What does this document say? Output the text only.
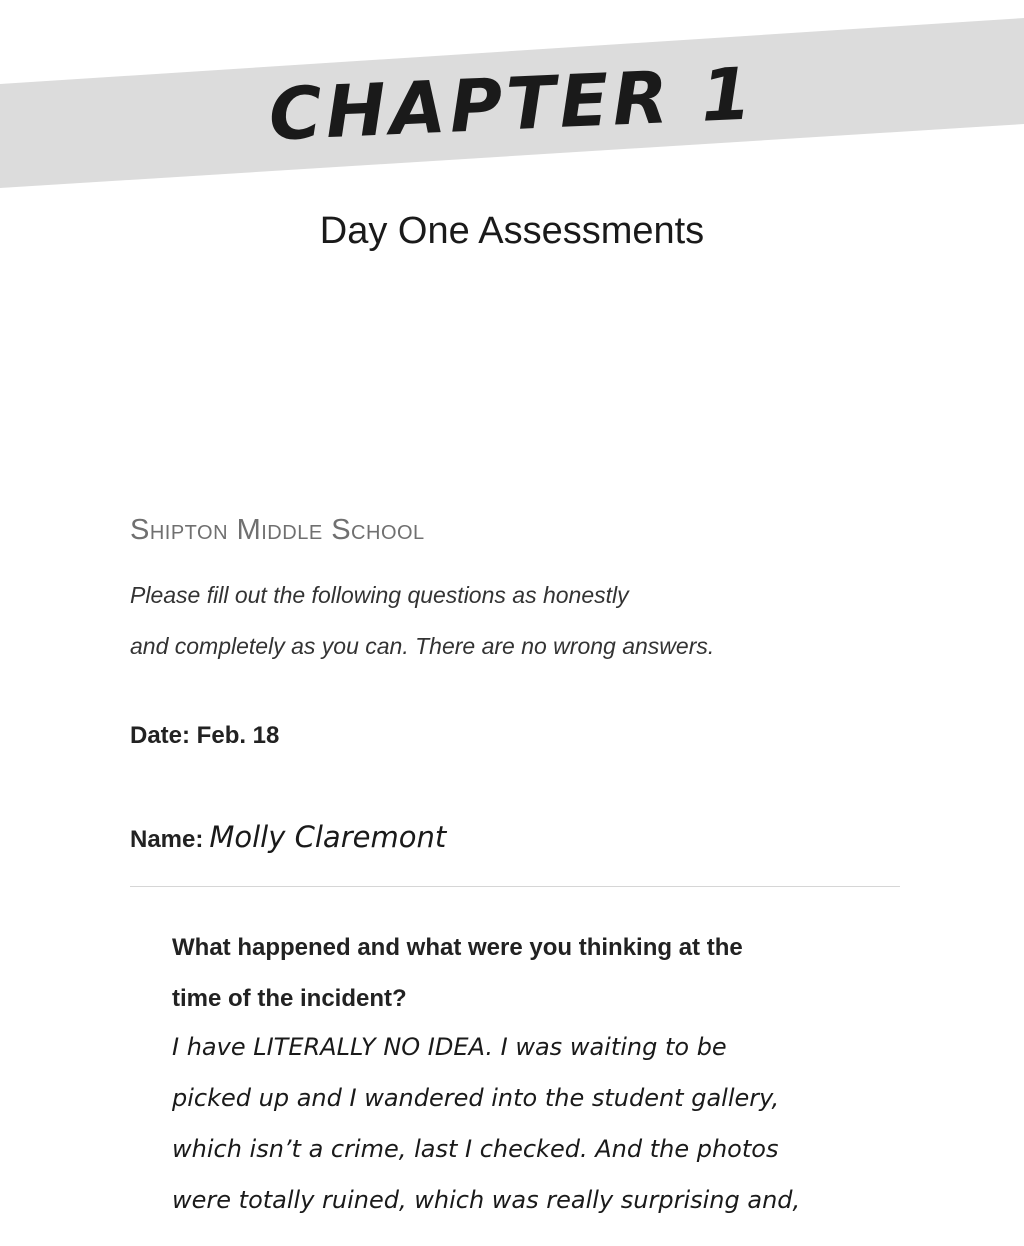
CHAPTER 1
Day One Assessments
Shipton Middle School
Please fill out the following questions as honestly
and completely as you can. There are no wrong answers.
Date: Feb. 18
Name: Molly Claremont
What happened and what were you thinking at the
time of the incident?
I have LITERALLY NO IDEA. I was waiting to be
picked up and I wandered into the student gallery,
which isn’t a crime, last I checked. And the photos
were totally ruined, which was really surprising and,
